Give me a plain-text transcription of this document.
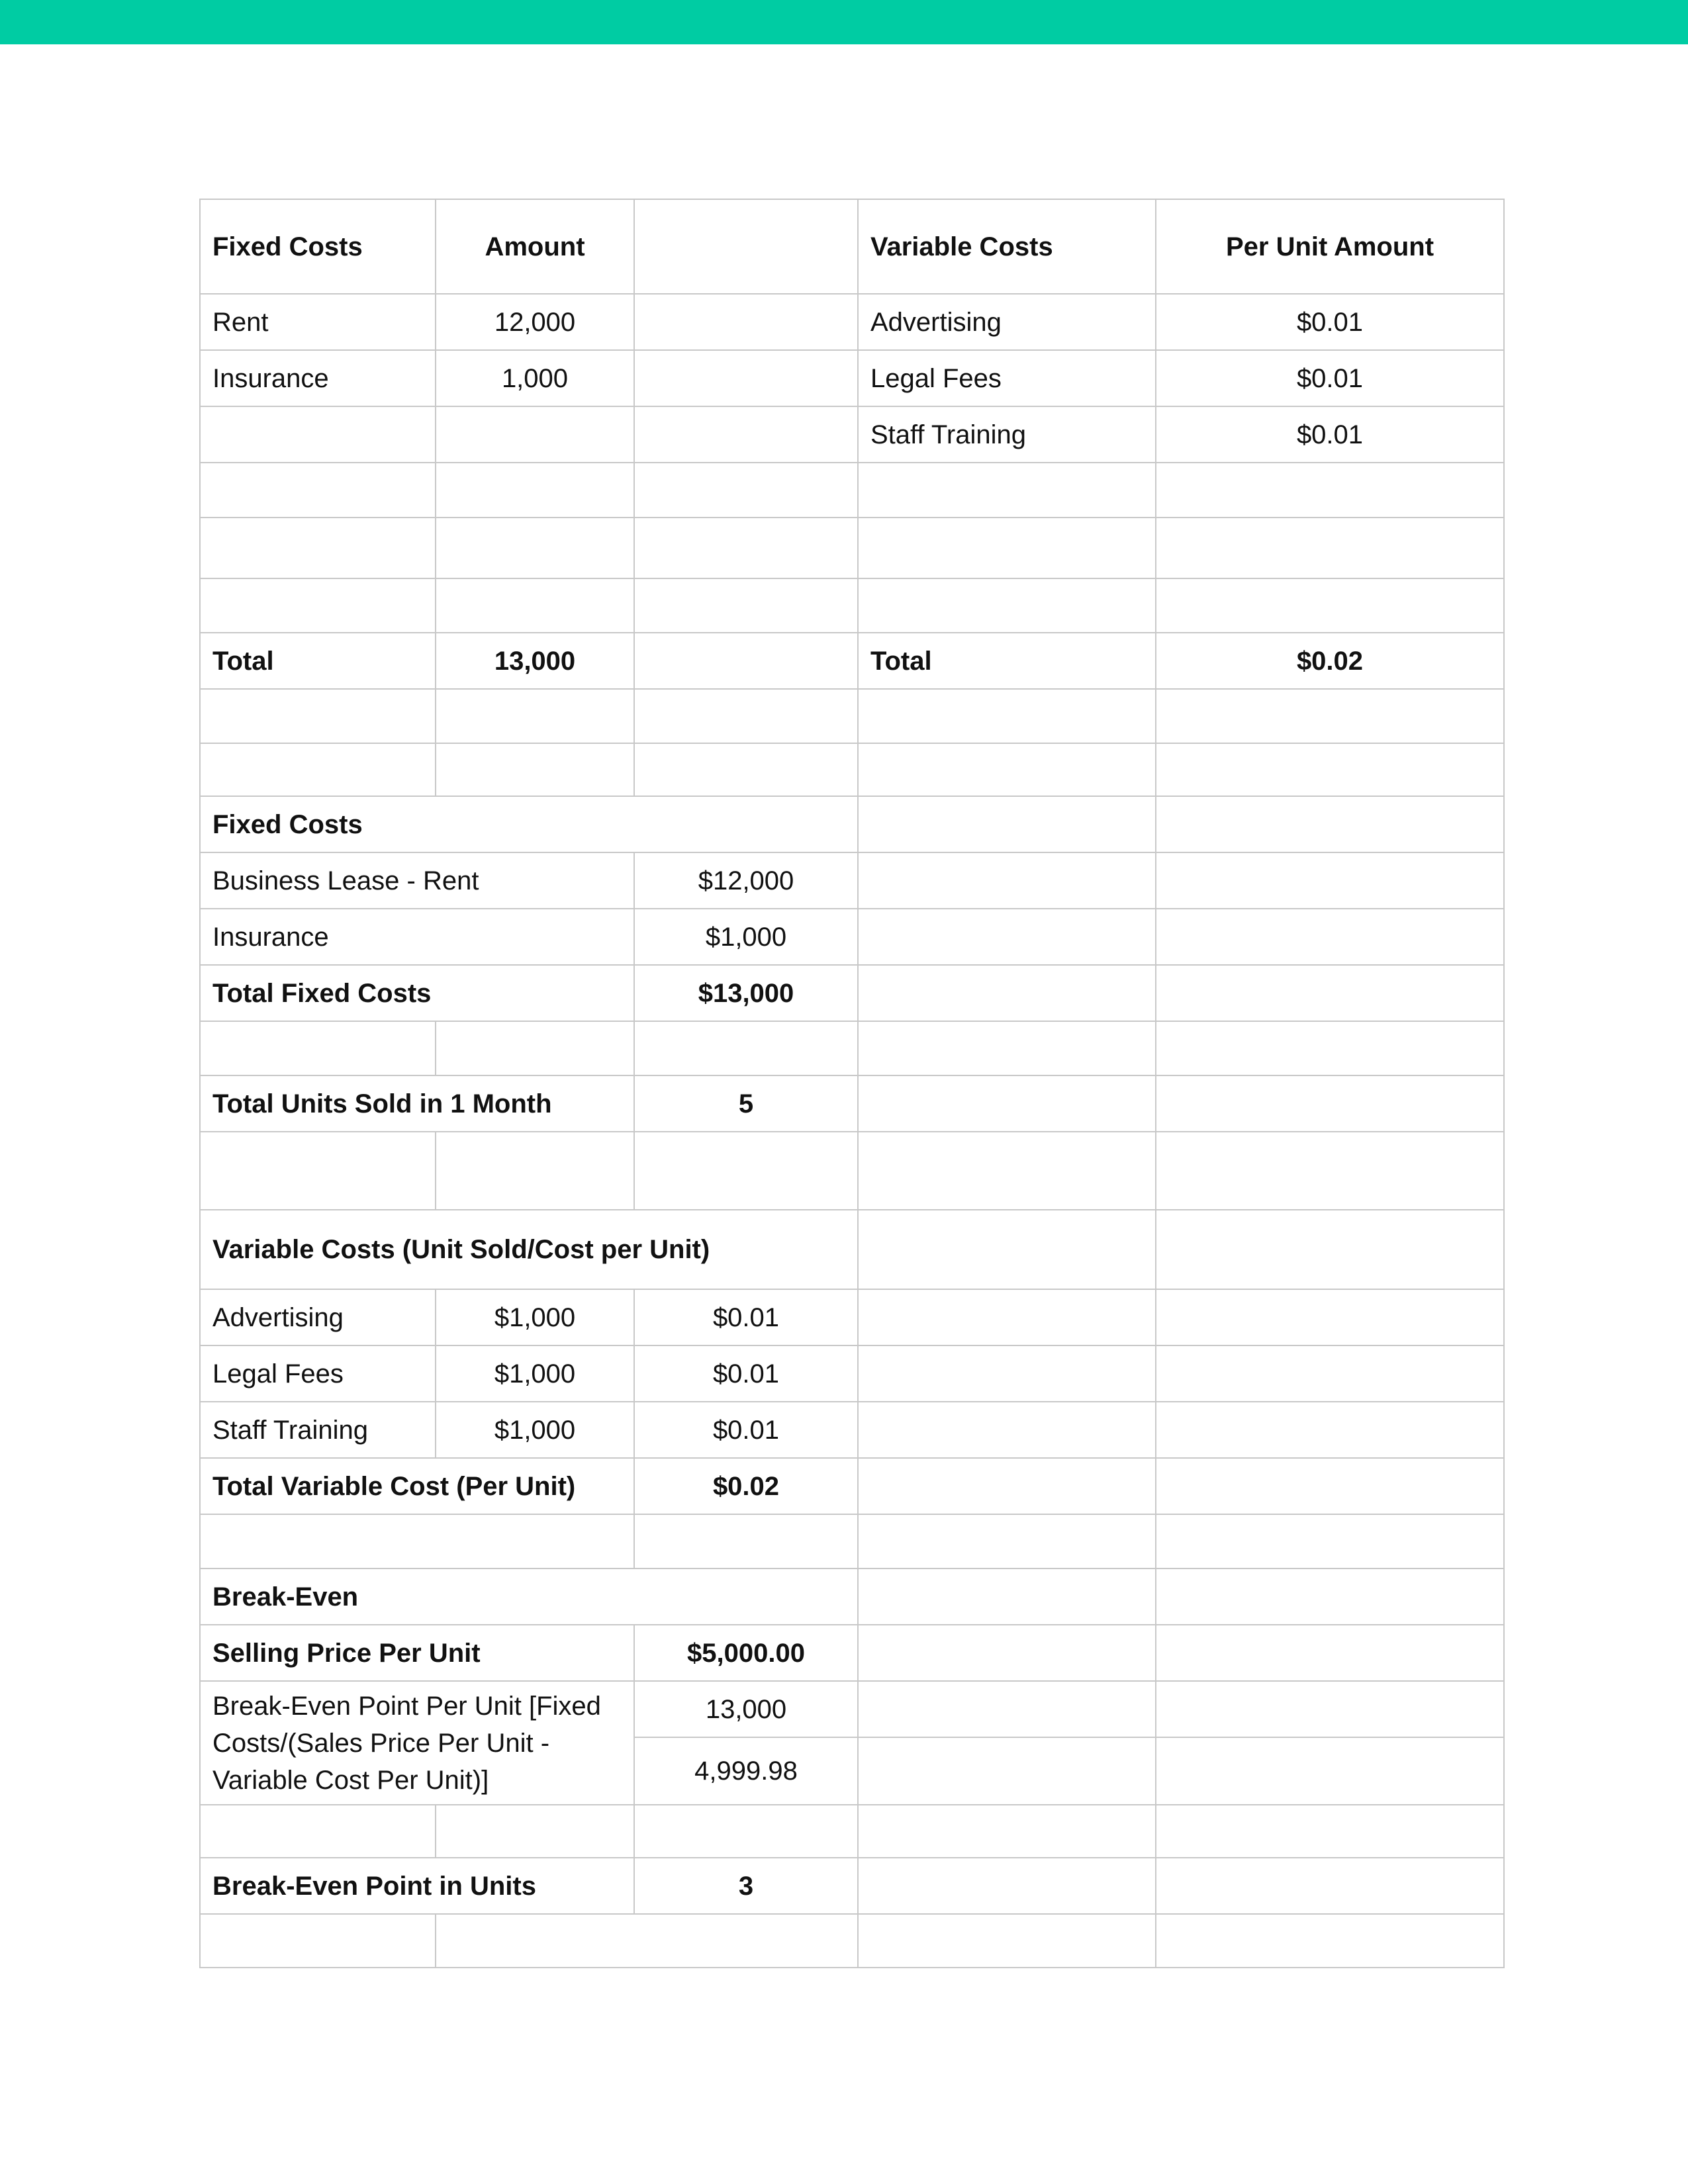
Fixed Costs	Amount		Variable Costs	Per Unit Amount
Rent	12,000		Advertising	$0.01
Insurance	1,000		Legal Fees	$0.01
			Staff Training	$0.01

Total	13,000		Total	$0.02

Fixed Costs				
Business Lease - Rent		$12,000		
Insurance		$1,000		
Total Fixed Costs		$13,000		

Total Units Sold in 1 Month		5		

Variable Costs (Unit Sold/Cost per Unit)				
Advertising	$1,000	$0.01		
Legal Fees	$1,000	$0.01		
Staff Training	$1,000	$0.01		
Total Variable Cost (Per Unit)		$0.02		

Break-Even				
Selling Price Per Unit		$5,000.00		
Break-Even Point Per Unit [Fixed Costs/(Sales Price Per Unit - Variable Cost Per Unit)]		13,000		
		4,999.98		

Break-Even Point in Units		3		
